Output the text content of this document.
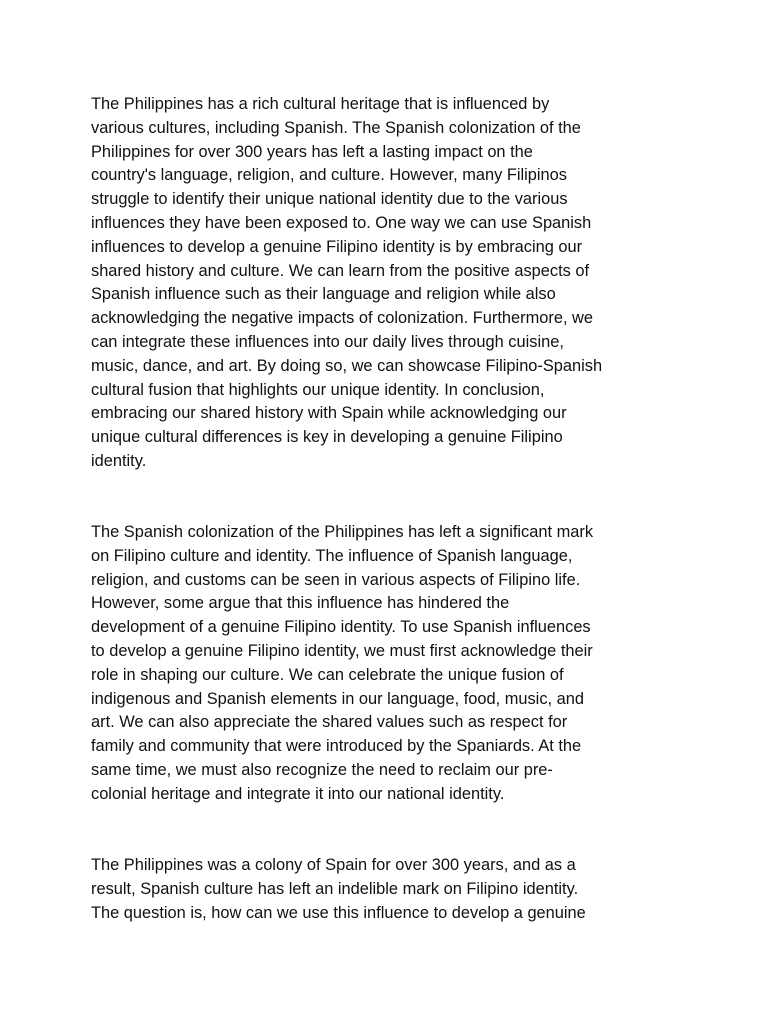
The Philippines has a rich cultural heritage that is influenced by
various cultures, including Spanish. The Spanish colonization of the
Philippines for over 300 years has left a lasting impact on the
country's language, religion, and culture. However, many Filipinos
struggle to identify their unique national identity due to the various
influences they have been exposed to. One way we can use Spanish
influences to develop a genuine Filipino identity is by embracing our
shared history and culture. We can learn from the positive aspects of
Spanish influence such as their language and religion while also
acknowledging the negative impacts of colonization. Furthermore, we
can integrate these influences into our daily lives through cuisine,
music, dance, and art. By doing so, we can showcase Filipino-Spanish
cultural fusion that highlights our unique identity. In conclusion,
embracing our shared history with Spain while acknowledging our
unique cultural differences is key in developing a genuine Filipino
identity.

The Spanish colonization of the Philippines has left a significant mark
on Filipino culture and identity. The influence of Spanish language,
religion, and customs can be seen in various aspects of Filipino life.
However, some argue that this influence has hindered the
development of a genuine Filipino identity. To use Spanish influences
to develop a genuine Filipino identity, we must first acknowledge their
role in shaping our culture. We can celebrate the unique fusion of
indigenous and Spanish elements in our language, food, music, and
art. We can also appreciate the shared values such as respect for
family and community that were introduced by the Spaniards. At the
same time, we must also recognize the need to reclaim our pre-
colonial heritage and integrate it into our national identity.

The Philippines was a colony of Spain for over 300 years, and as a
result, Spanish culture has left an indelible mark on Filipino identity.
The question is, how can we use this influence to develop a genuine
